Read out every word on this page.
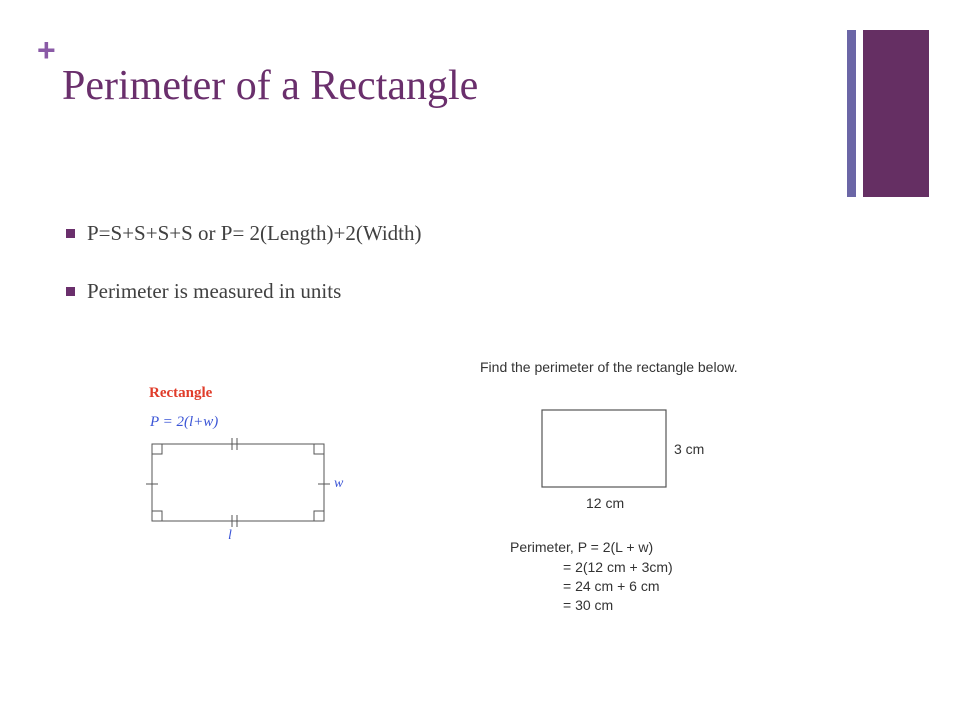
+
Perimeter of a Rectangle
P=S+S+S+S or P= 2(Length)+2(Width)
Perimeter is measured in units
Rectangle
P = 2(l+w)
w
l
Find the perimeter of the rectangle below.
3 cm
12 cm
Perimeter, P = 2(L + w)
= 2(12 cm + 3cm)
= 24 cm + 6 cm
= 30 cm
